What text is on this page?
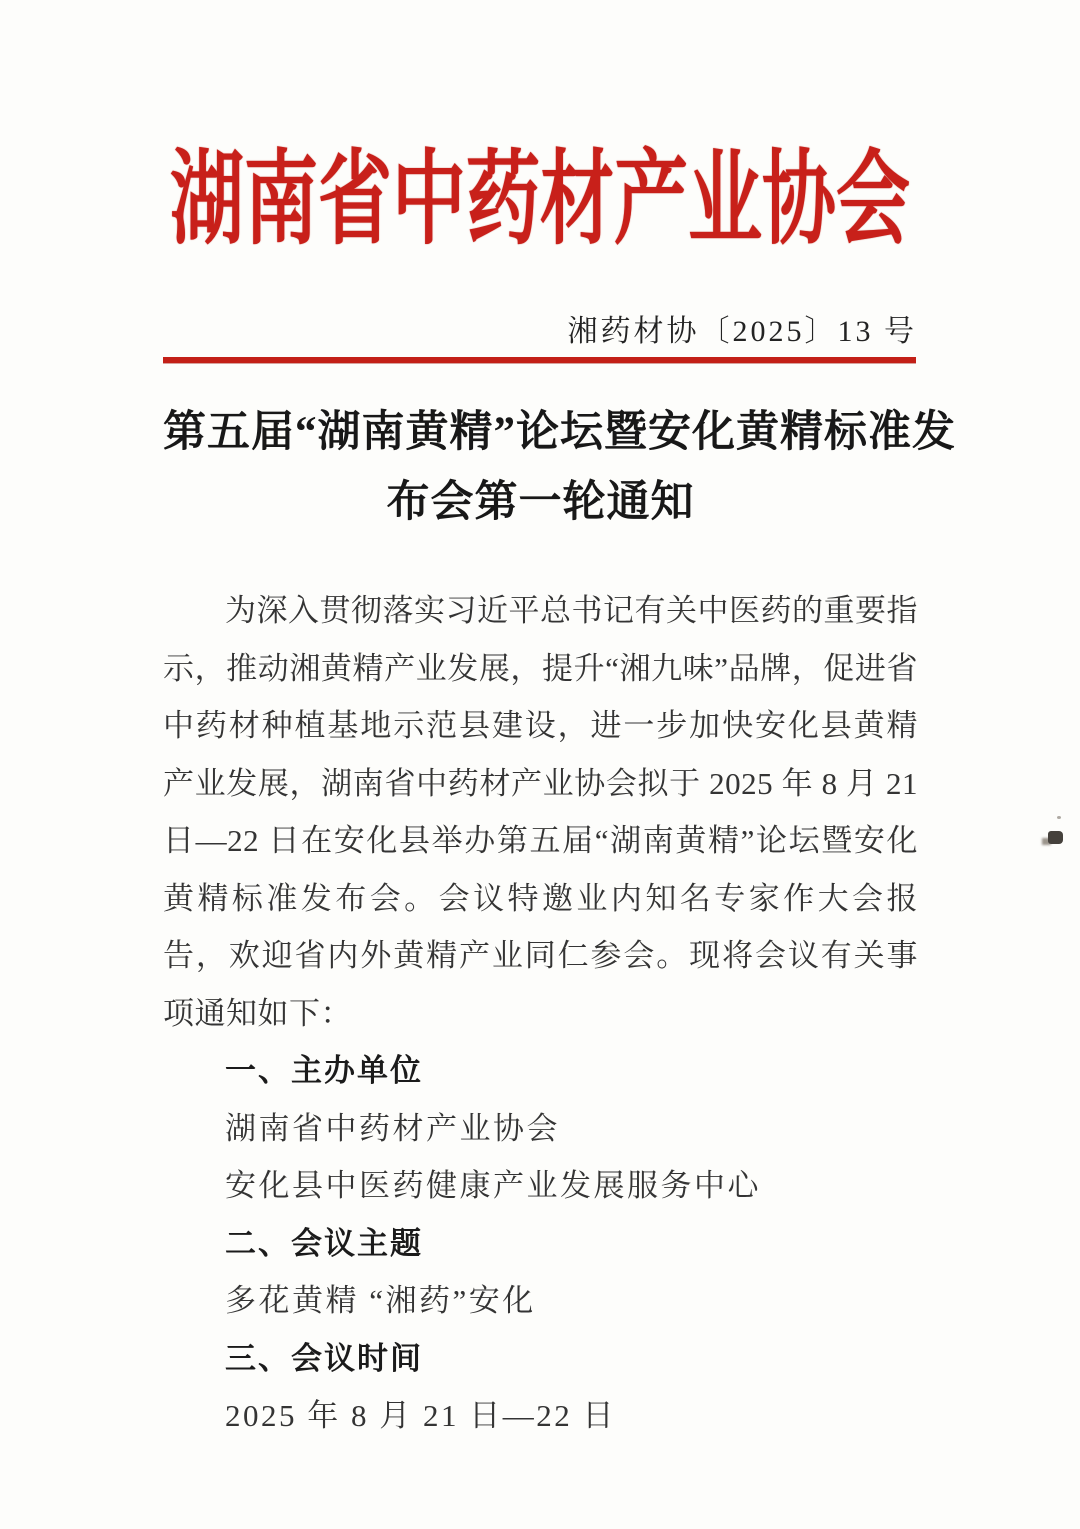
湖南省中药材产业协会
湘药材协〔2025〕13 号
第五届“湖南黄精”论坛暨安化黄精标准发
布会第一轮通知

为深入贯彻落实习近平总书记有关中医药的重要指示，推动湘黄精产业发展，提升“湘九味”品牌，促进省中药材种植基地示范县建设，进一步加快安化县黄精产业发展，湖南省中药材产业协会拟于 2025 年 8 月 21 日—22 日在安化县举办第五届“湖南黄精”论坛暨安化黄精标准发布会。会议特邀业内知名专家作大会报告，欢迎省内外黄精产业同仁参会。现将会议有关事项通知如下：

一、主办单位
湖南省中药材产业协会
安化县中医药健康产业发展服务中心
二、会议主题
多花黄精 “湘药”安化
三、会议时间
2025 年 8 月 21 日—22 日
